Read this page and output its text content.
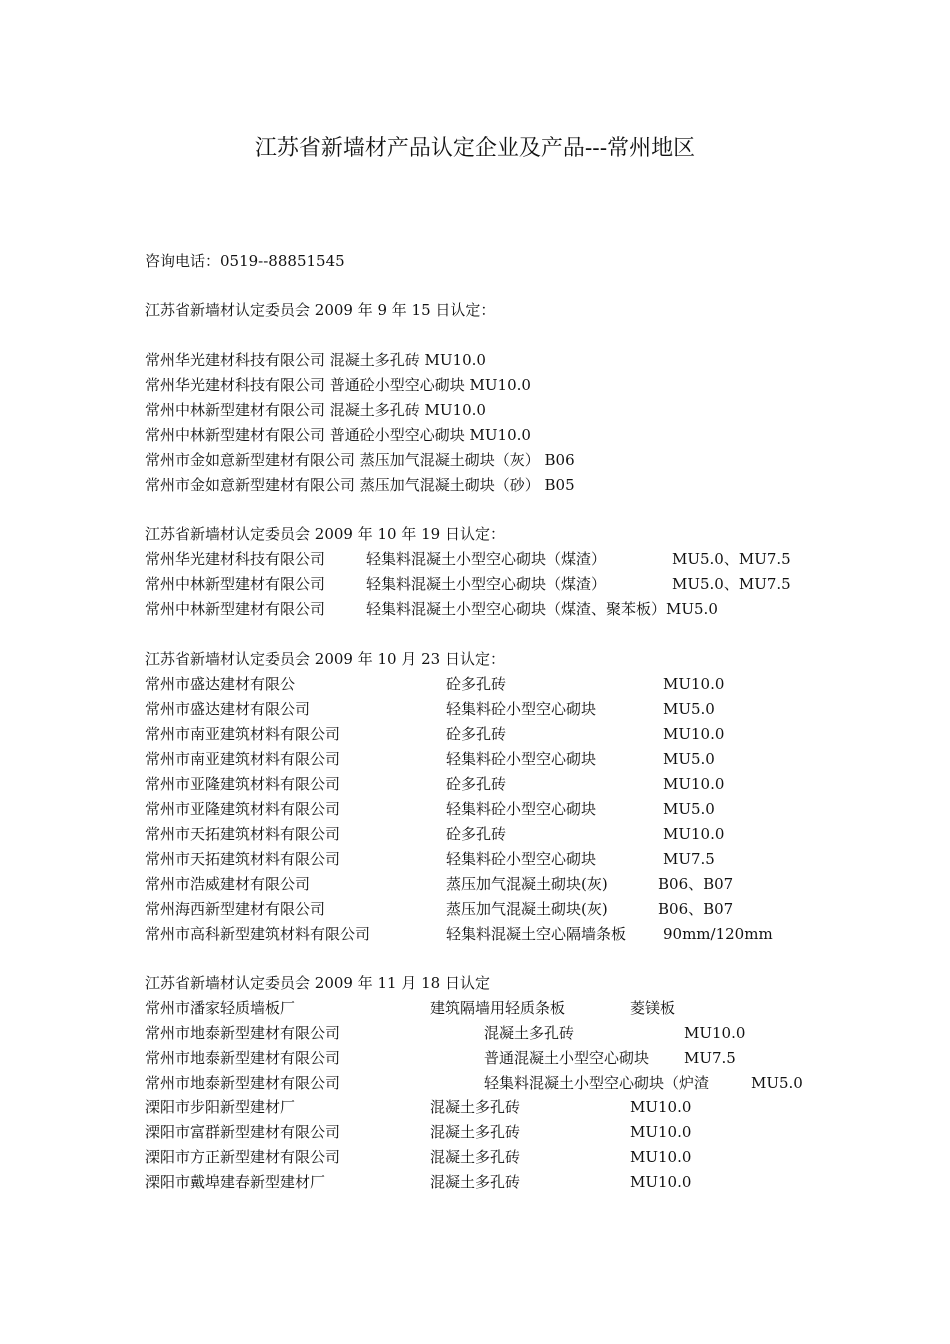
江苏省新墙材产品认定企业及产品---常州地区
咨询电话：0519--88851545
江苏省新墙材认定委员会 2009 年 9 年 15 日认定：
常州华光建材科技有限公司 混凝土多孔砖 MU10.0
常州华光建材科技有限公司 普通砼小型空心砌块 MU10.0
常州中林新型建材有限公司 混凝土多孔砖 MU10.0
常州中林新型建材有限公司 普通砼小型空心砌块 MU10.0
常州市金如意新型建材有限公司 蒸压加气混凝土砌块（灰） B06
常州市金如意新型建材有限公司 蒸压加气混凝土砌块（砂） B05
江苏省新墙材认定委员会 2009 年 10 年 19 日认定：
常州华光建材科技有限公司	轻集料混凝土小型空心砌块（煤渣）	MU5.0、MU7.5
常州中林新型建材有限公司	轻集料混凝土小型空心砌块（煤渣）	MU5.0、MU7.5
常州中林新型建材有限公司	轻集料混凝土小型空心砌块（煤渣、聚苯板）MU5.0
江苏省新墙材认定委员会 2009 年 10 月 23 日认定：
常州市盛达建材有限公	砼多孔砖	MU10.0
常州市盛达建材有限公司	轻集料砼小型空心砌块	MU5.0
常州市南亚建筑材料有限公司	砼多孔砖	MU10.0
常州市南亚建筑材料有限公司	轻集料砼小型空心砌块	MU5.0
常州市亚隆建筑材料有限公司	砼多孔砖	MU10.0
常州市亚隆建筑材料有限公司	轻集料砼小型空心砌块	MU5.0
常州市天拓建筑材料有限公司	砼多孔砖	MU10.0
常州市天拓建筑材料有限公司	轻集料砼小型空心砌块	MU7.5
常州市浩威建材有限公司	蒸压加气混凝土砌块(灰)	B06、B07
常州海西新型建材有限公司	蒸压加气混凝土砌块(灰)	B06、B07
常州市高科新型建筑材料有限公司	轻集料混凝土空心隔墙条板 90mm/120mm
江苏省新墙材认定委员会 2009 年 11 月 18 日认定
常州市潘家轻质墙板厂	建筑隔墙用轻质条板	菱镁板
常州市地泰新型建材有限公司	混凝土多孔砖	MU10.0
常州市地泰新型建材有限公司	普通混凝土小型空心砌块 MU7.5
常州市地泰新型建材有限公司	轻集料混凝土小型空心砌块（炉渣	MU5.0
溧阳市步阳新型建材厂	混凝土多孔砖	MU10.0
溧阳市富群新型建材有限公司	混凝土多孔砖	MU10.0
溧阳市方正新型建材有限公司	混凝土多孔砖	MU10.0
溧阳市戴埠建春新型建材厂	混凝土多孔砖	MU10.0
